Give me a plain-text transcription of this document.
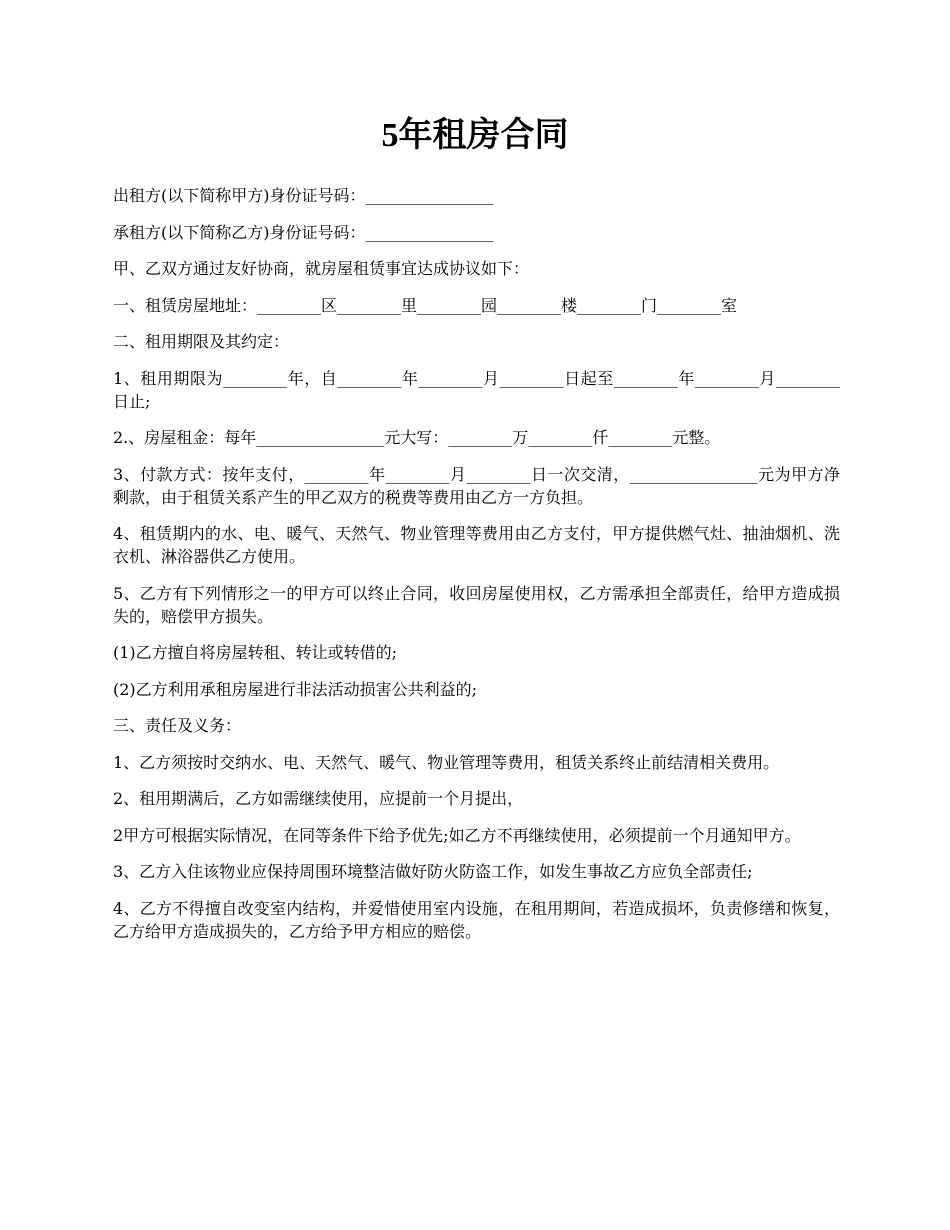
5年租房合同

出租方(以下简称甲方)身份证号码：________________

承租方(以下简称乙方)身份证号码：________________

甲、乙双方通过友好协商，就房屋租赁事宜达成协议如下：

一、租赁房屋地址：________区________里________园________楼________门________室

二、租用期限及其约定：

1、租用期限为________年，自________年________月________日起至________年________月________日止;

2.、房屋租金：每年________________元大写：________万________仟________元整。

3、付款方式：按年支付，________年________月________日一次交清，________________元为甲方净剩款，由于租赁关系产生的甲乙双方的税费等费用由乙方一方负担。

4、租赁期内的水、电、暖气、天然气、物业管理等费用由乙方支付，甲方提供燃气灶、抽油烟机、洗衣机、淋浴器供乙方使用。

5、乙方有下列情形之一的甲方可以终止合同，收回房屋使用权，乙方需承担全部责任，给甲方造成损失的，赔偿甲方损失。

(1)乙方擅自将房屋转租、转让或转借的;

(2)乙方利用承租房屋进行非法活动损害公共利益的;

三、责任及义务：

1、乙方须按时交纳水、电、天然气、暖气、物业管理等费用，租赁关系终止前结清相关费用。

2、租用期满后，乙方如需继续使用，应提前一个月提出，

2甲方可根据实际情况，在同等条件下给予优先;如乙方不再继续使用，必须提前一个月通知甲方。

3、乙方入住该物业应保持周围环境整洁做好防火防盗工作，如发生事故乙方应负全部责任;

4、乙方不得擅自改变室内结构，并爱惜使用室内设施，在租用期间，若造成损坏，负责修缮和恢复，乙方给甲方造成损失的，乙方给予甲方相应的赔偿。
